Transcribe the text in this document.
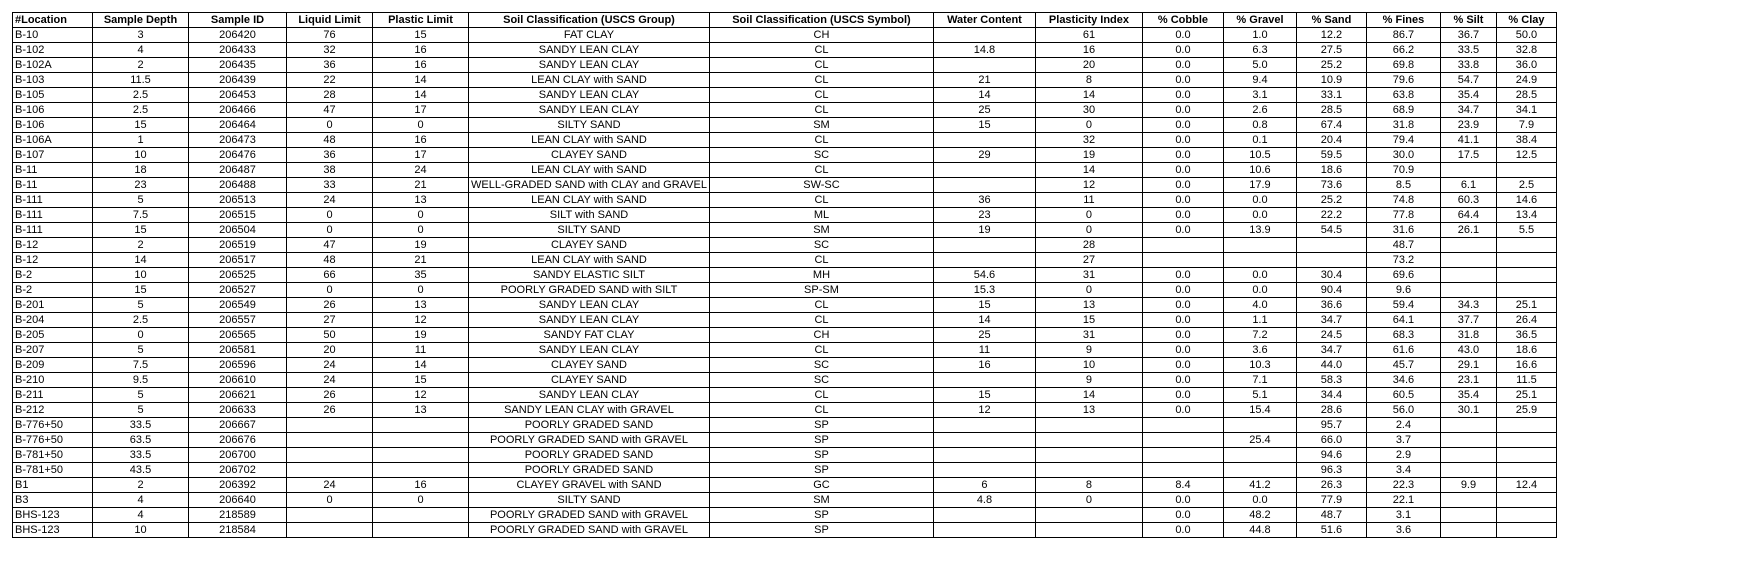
#Location	Sample Depth	Sample ID	Liquid Limit	Plastic Limit	Soil Classification (USCS Group)	Soil Classification (USCS Symbol)	Water Content	Plasticity Index	% Cobble	% Gravel	% Sand	% Fines	% Silt	% Clay
B-10	3	206420	76	15	FAT CLAY	CH		61	0.0	1.0	12.2	86.7	36.7	50.0
B-102	4	206433	32	16	SANDY LEAN CLAY	CL	14.8	16	0.0	6.3	27.5	66.2	33.5	32.8
B-102A	2	206435	36	16	SANDY LEAN CLAY	CL		20	0.0	5.0	25.2	69.8	33.8	36.0
B-103	11.5	206439	22	14	LEAN CLAY with SAND	CL	21	8	0.0	9.4	10.9	79.6	54.7	24.9
B-105	2.5	206453	28	14	SANDY LEAN CLAY	CL	14	14	0.0	3.1	33.1	63.8	35.4	28.5
B-106	2.5	206466	47	17	SANDY LEAN CLAY	CL	25	30	0.0	2.6	28.5	68.9	34.7	34.1
B-106	15	206464	0	0	SILTY SAND	SM	15	0	0.0	0.8	67.4	31.8	23.9	7.9
B-106A	1	206473	48	16	LEAN CLAY with SAND	CL		32	0.0	0.1	20.4	79.4	41.1	38.4
B-107	10	206476	36	17	CLAYEY SAND	SC	29	19	0.0	10.5	59.5	30.0	17.5	12.5
B-11	18	206487	38	24	LEAN CLAY with SAND	CL		14	0.0	10.6	18.6	70.9		
B-11	23	206488	33	21	WELL-GRADED SAND with CLAY and GRAVEL	SW-SC		12	0.0	17.9	73.6	8.5	6.1	2.5
B-111	5	206513	24	13	LEAN CLAY with SAND	CL	36	11	0.0	0.0	25.2	74.8	60.3	14.6
B-111	7.5	206515	0	0	SILT with SAND	ML	23	0	0.0	0.0	22.2	77.8	64.4	13.4
B-111	15	206504	0	0	SILTY SAND	SM	19	0	0.0	13.9	54.5	31.6	26.1	5.5
B-12	2	206519	47	19	CLAYEY SAND	SC		28				48.7		
B-12	14	206517	48	21	LEAN CLAY with SAND	CL		27				73.2		
B-2	10	206525	66	35	SANDY ELASTIC SILT	MH	54.6	31	0.0	0.0	30.4	69.6		
B-2	15	206527	0	0	POORLY GRADED SAND with SILT	SP-SM	15.3	0	0.0	0.0	90.4	9.6		
B-201	5	206549	26	13	SANDY LEAN CLAY	CL	15	13	0.0	4.0	36.6	59.4	34.3	25.1
B-204	2.5	206557	27	12	SANDY LEAN CLAY	CL	14	15	0.0	1.1	34.7	64.1	37.7	26.4
B-205	0	206565	50	19	SANDY FAT CLAY	CH	25	31	0.0	7.2	24.5	68.3	31.8	36.5
B-207	5	206581	20	11	SANDY LEAN CLAY	CL	11	9	0.0	3.6	34.7	61.6	43.0	18.6
B-209	7.5	206596	24	14	CLAYEY SAND	SC	16	10	0.0	10.3	44.0	45.7	29.1	16.6
B-210	9.5	206610	24	15	CLAYEY SAND	SC		9	0.0	7.1	58.3	34.6	23.1	11.5
B-211	5	206621	26	12	SANDY LEAN CLAY	CL	15	14	0.0	5.1	34.4	60.5	35.4	25.1
B-212	5	206633	26	13	SANDY LEAN CLAY with GRAVEL	CL	12	13	0.0	15.4	28.6	56.0	30.1	25.9
B-776+50	33.5	206667			POORLY GRADED SAND	SP					95.7	2.4		
B-776+50	63.5	206676			POORLY GRADED SAND with GRAVEL	SP				25.4	66.0	3.7		
B-781+50	33.5	206700			POORLY GRADED SAND	SP					94.6	2.9		
B-781+50	43.5	206702			POORLY GRADED SAND	SP					96.3	3.4		
B1	2	206392	24	16	CLAYEY GRAVEL with SAND	GC	6	8	8.4	41.2	26.3	22.3	9.9	12.4
B3	4	206640	0	0	SILTY SAND	SM	4.8	0	0.0	0.0	77.9	22.1		
BHS-123	4	218589			POORLY GRADED SAND with GRAVEL	SP			0.0	48.2	48.7	3.1		
BHS-123	10	218584			POORLY GRADED SAND with GRAVEL	SP			0.0	44.8	51.6	3.6		
